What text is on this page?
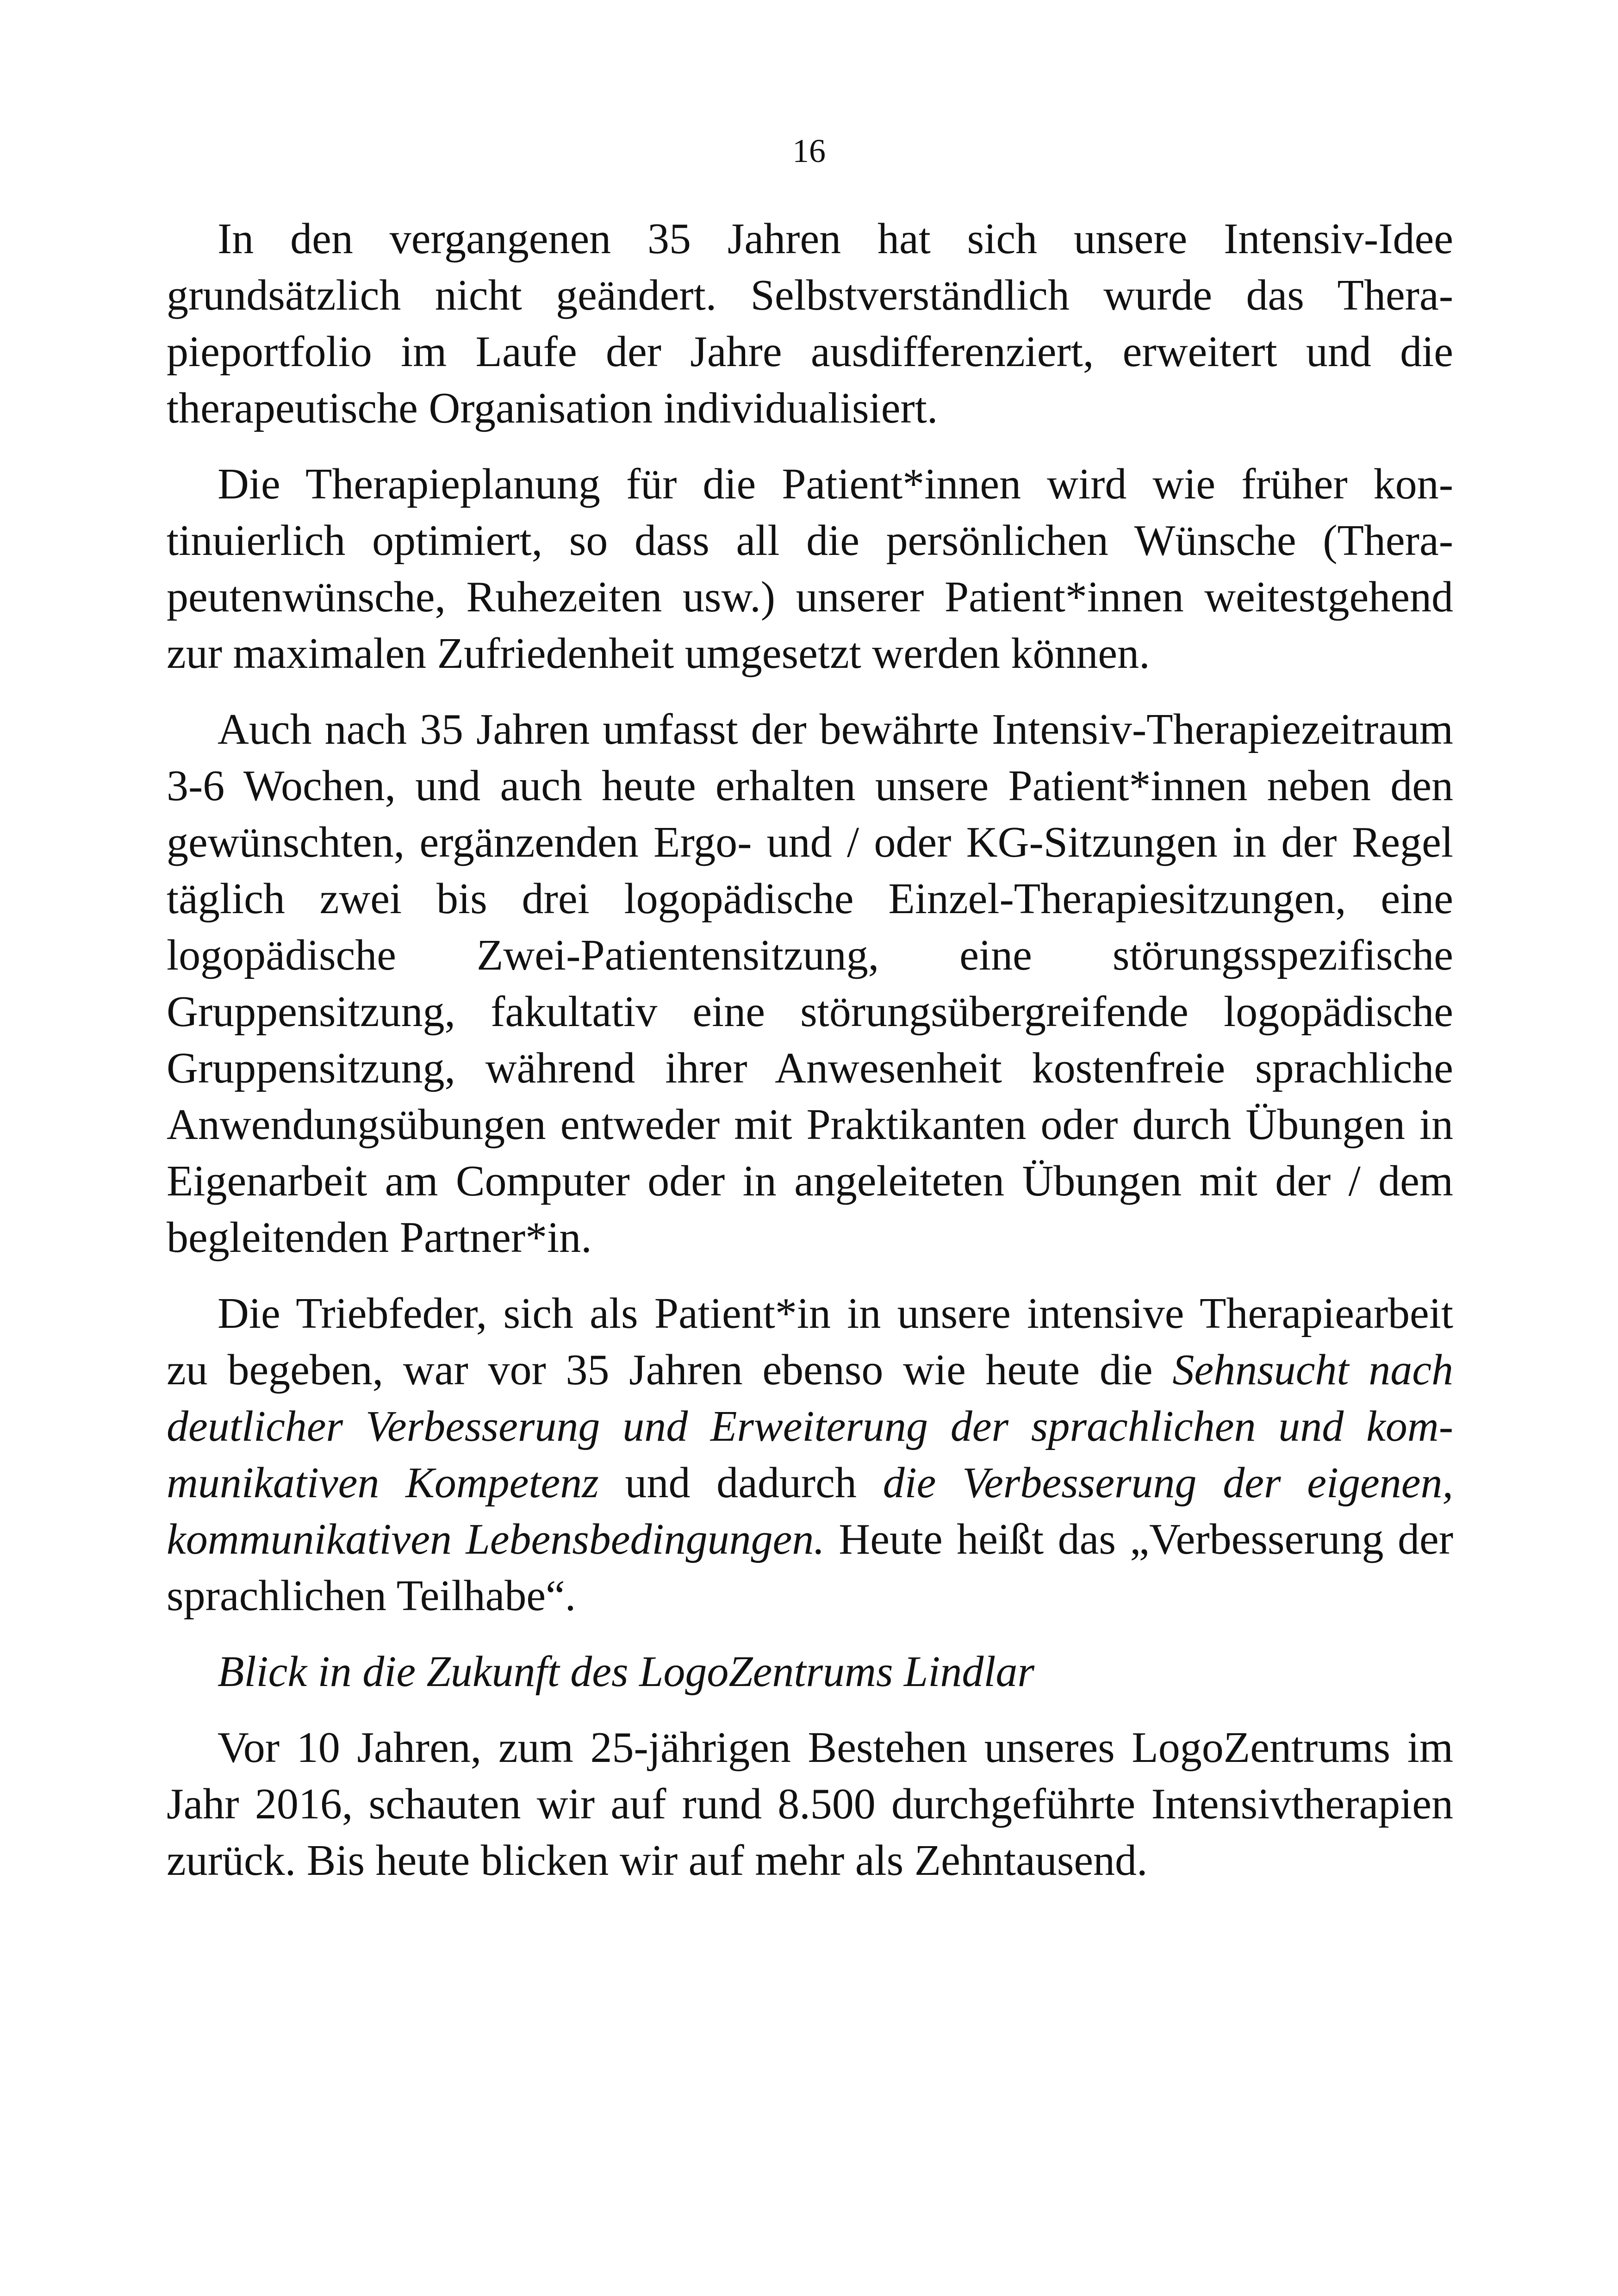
16

In den vergangenen 35 Jahren hat sich unsere Intensiv-Idee grundsätzlich nicht geändert. Selbstverständlich wurde das Therapieportfolio im Laufe der Jahre ausdifferenziert, erweitert und die therapeutische Organisation individualisiert.

Die Therapieplanung für die Patient*innen wird wie früher kontinuierlich optimiert, so dass all die persönlichen Wünsche (Therapeutenwünsche, Ruhezeiten usw.) unserer Patient*innen weitestgehend zur maximalen Zufriedenheit umgesetzt werden können.

Auch nach 35 Jahren umfasst der bewährte Intensiv-Therapiezeitraum 3-6 Wochen, und auch heute erhalten unsere Patient*innen neben den gewünschten, ergänzenden Ergo- und / oder KG-Sitzungen in der Regel täglich zwei bis drei logopädische Einzel-Therapiesitzungen, eine logopädische Zwei-Patientensitzung, eine störungsspezifische Gruppensitzung, fakultativ eine störungsübergreifende logopädische Gruppensitzung, während ihrer Anwesenheit kostenfreie sprachliche Anwendungsübungen entweder mit Praktikanten oder durch Übungen in Eigenarbeit am Computer oder in angeleiteten Übungen mit der / dem begleitenden Partner*in.

Die Triebfeder, sich als Patient*in in unsere intensive Therapiearbeit zu begeben, war vor 35 Jahren ebenso wie heute die Sehnsucht nach deutlicher Verbesserung und Erweiterung der sprachlichen und kommunikativen Kompetenz und dadurch die Verbesserung der eigenen, kommunikativen Lebensbedingungen. Heute heißt das „Verbesserung der sprachlichen Teilhabe“.

Blick in die Zukunft des LogoZentrums Lindlar

Vor 10 Jahren, zum 25-jährigen Bestehen unseres LogoZentrums im Jahr 2016, schauten wir auf rund 8.500 durchgeführte Intensivtherapien zurück. Bis heute blicken wir auf mehr als Zehntausend.
